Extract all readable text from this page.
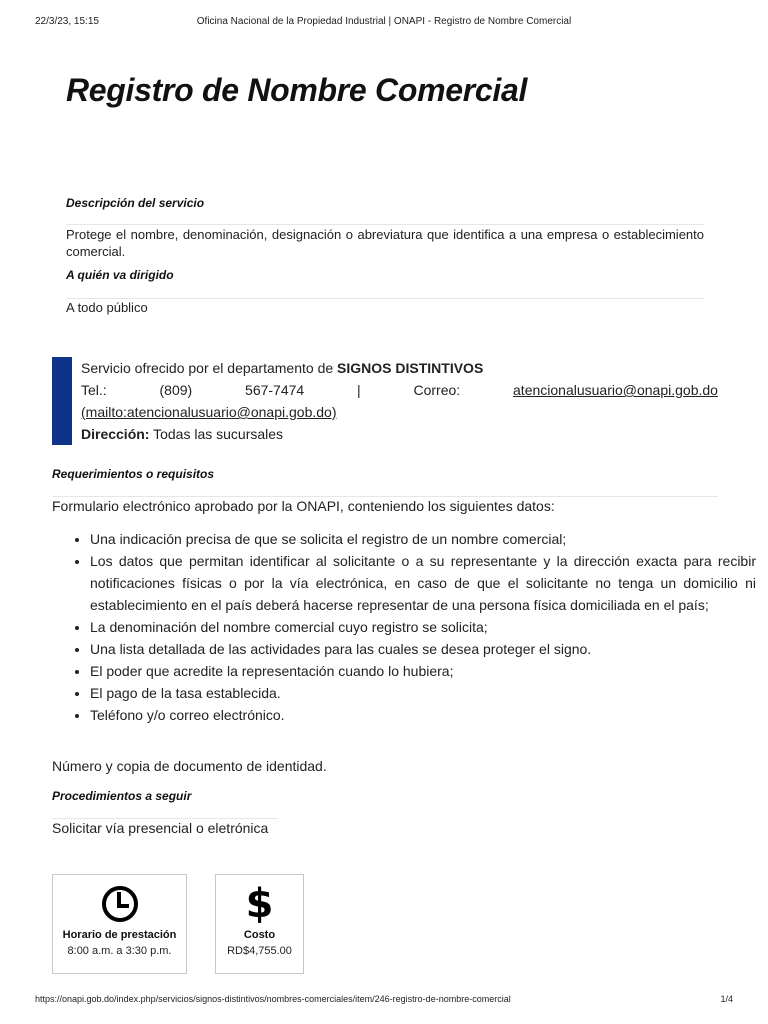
22/3/23, 15:15	Oficina Nacional de la Propiedad Industrial | ONAPI - Registro de Nombre Comercial
Registro de Nombre Comercial

Descripción del servicio

Protege el nombre, denominación, designación o abreviatura que identifica a una empresa o establecimiento comercial.

A quién va dirigido

A todo público

Servicio ofrecido por el departamento de SIGNOS DISTINTIVOS
Tel.:	(809)	567-7474	|	Correo:	atencionalusuario@onapi.gob.do
(mailto:atencionalusuario@onapi.gob.do)
Dirección: Todas las sucursales

Requerimientos o requisitos

Formulario electrónico aprobado por la ONAPI, conteniendo los siguientes datos:

• Una indicación precisa de que se solicita el registro de un nombre comercial;
• Los datos que permitan identificar al solicitante o a su representante y la dirección exacta para recibir notificaciones físicas o por la vía electrónica, en caso de que el solicitante no tenga un domicilio ni establecimiento en el país deberá hacerse representar de una persona física domiciliada en el país;
• La denominación del nombre comercial cuyo registro se solicita;
• Una lista detallada de las actividades para las cuales se desea proteger el signo.
• El poder que acredite la representación cuando lo hubiera;
• El pago de la tasa establecida.
• Teléfono y/o correo electrónico.

Número y copia de documento de identidad.

Procedimientos a seguir

Solicitar vía presencial o eletrónica

Horario de prestación
8:00 a.m. a 3:30 p.m.
$
Costo
RD$4,755.00
https://onapi.gob.do/index.php/servicios/signos-distintivos/nombres-comerciales/item/246-registro-de-nombre-comercial	1/4
